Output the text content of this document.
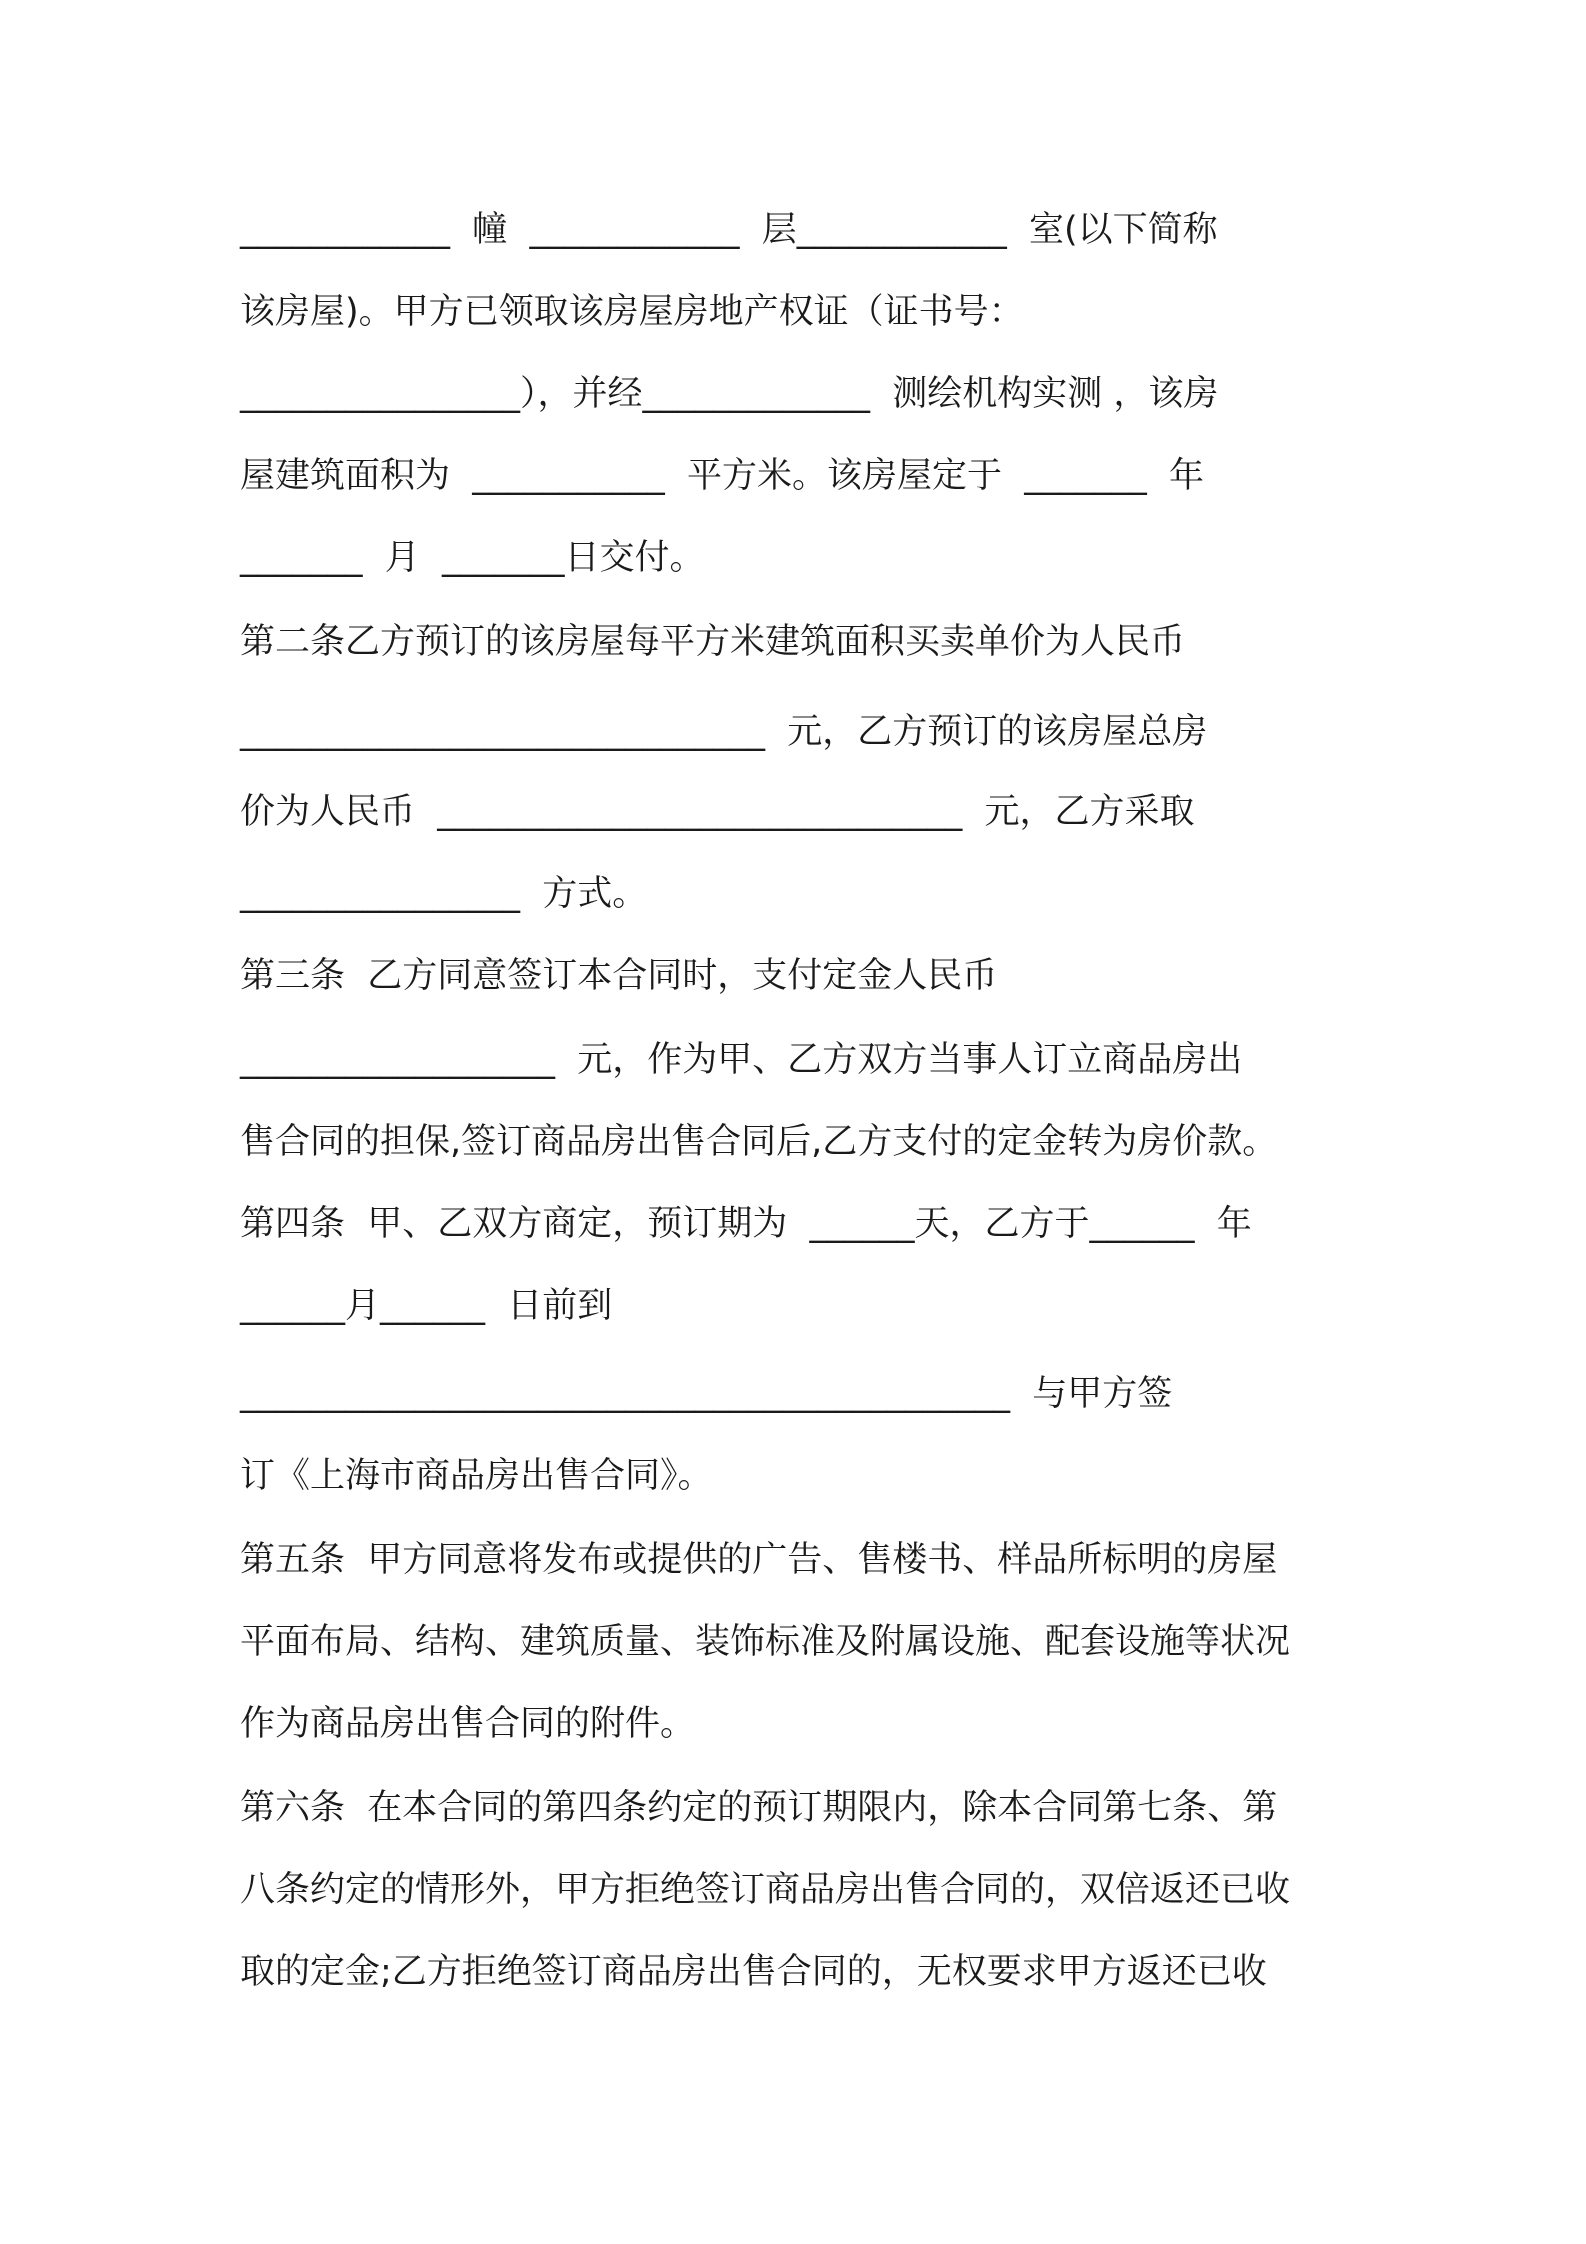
____________  幢  ____________  层____________  室(以下简称
该房屋)。甲方已领取该房屋房地产权证（证书号：
________________），并经_____________  测绘机构实测 ，该房
屋建筑面积为  ___________  平方米。该房屋定于  _______  年
_______  月  _______日交付。
第二条乙方预订的该房屋每平方米建筑面积买卖单价为人民币
______________________________  元，乙方预订的该房屋总房
价为人民币  ______________________________  元，乙方采取
________________  方式。
第三条  乙方同意签订本合同时，支付定金人民币
__________________  元，作为甲、乙方双方当事人订立商品房出
售合同的担保,签订商品房出售合同后,乙方支付的定金转为房价款。
第四条  甲、乙双方商定，预订期为  ______天，乙方于______  年
______月______  日前到
____________________________________________  与甲方签
订《上海市商品房出售合同》。
第五条  甲方同意将发布或提供的广告、售楼书、样品所标明的房屋
平面布局、结构、建筑质量、装饰标准及附属设施、配套设施等状况
作为商品房出售合同的附件。
第六条  在本合同的第四条约定的预订期限内，除本合同第七条、第
八条约定的情形外，甲方拒绝签订商品房出售合同的，双倍返还已收
取的定金;乙方拒绝签订商品房出售合同的，无权要求甲方返还已收
